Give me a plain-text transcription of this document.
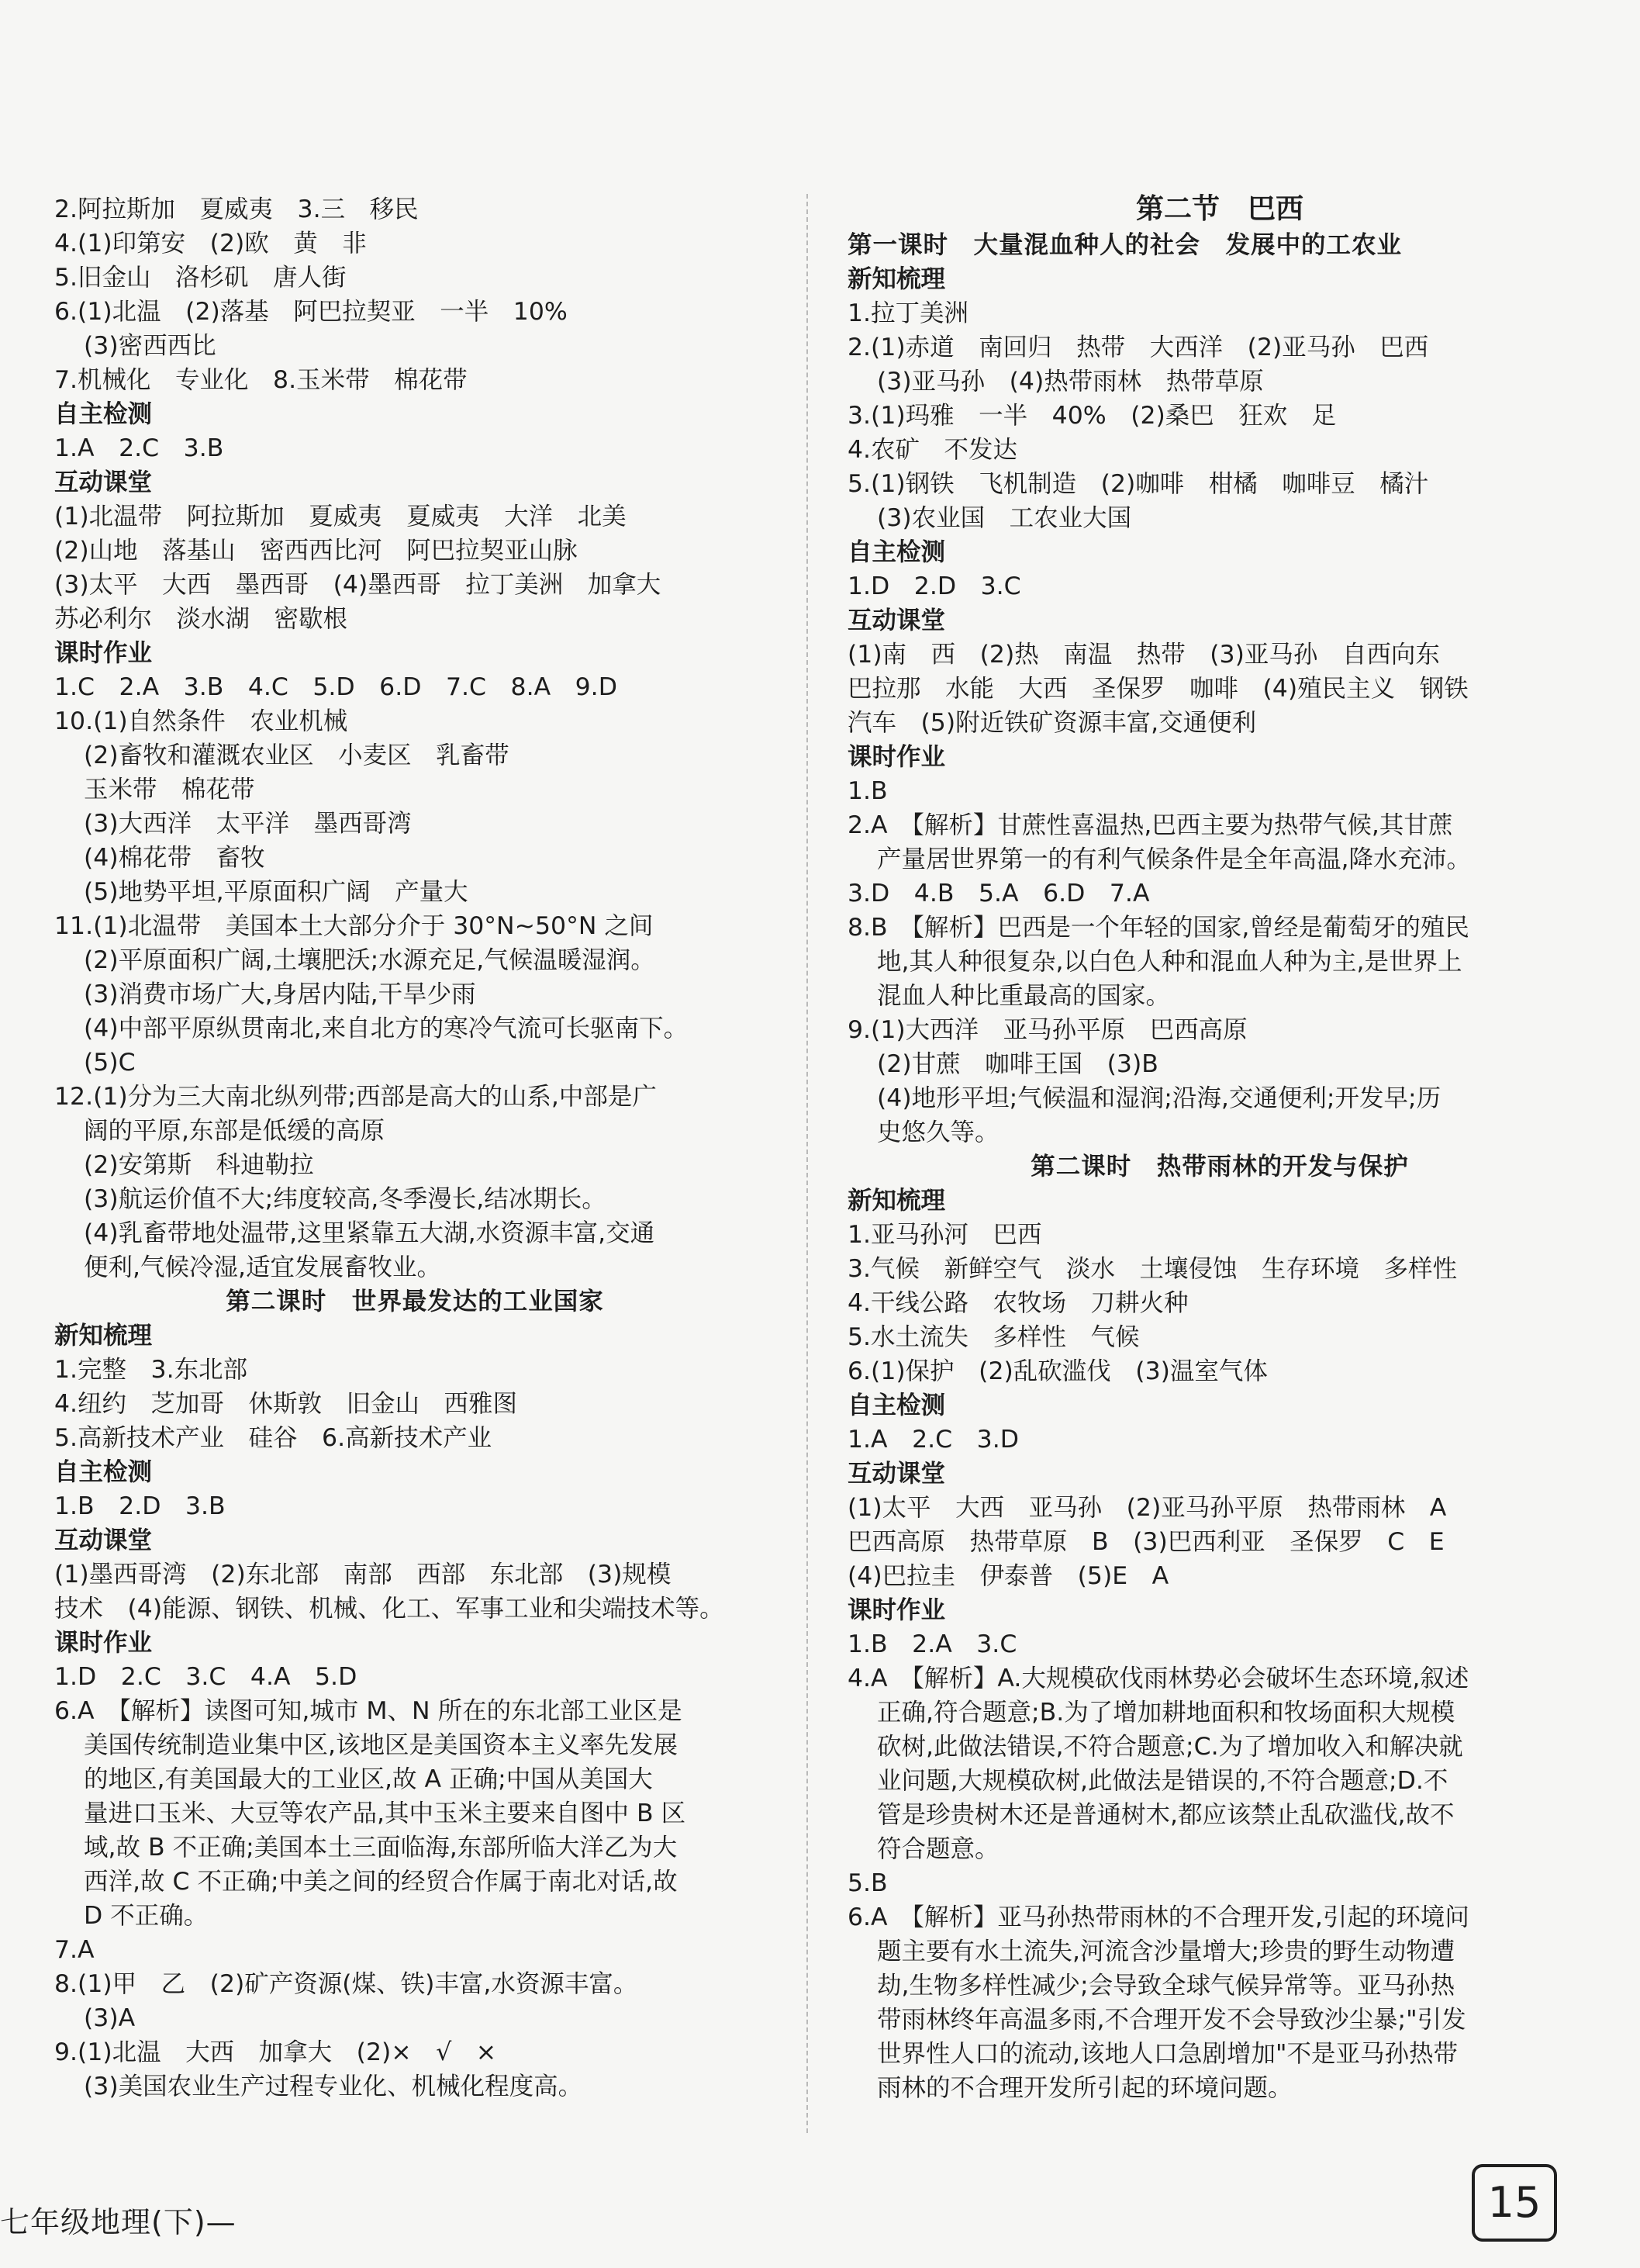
2.阿拉斯加　夏威夷　3.三　移民
4.(1)印第安　(2)欧　黄　非
5.旧金山　洛杉矶　唐人街
6.(1)北温　(2)落基　阿巴拉契亚　一半　10%
(3)密西西比
7.机械化　专业化　8.玉米带　棉花带
自主检测
1.A　2.C　3.B
互动课堂
(1)北温带　阿拉斯加　夏威夷　夏威夷　大洋　北美
(2)山地　落基山　密西西比河　阿巴拉契亚山脉
(3)太平　大西　墨西哥　(4)墨西哥　拉丁美洲　加拿大
苏必利尔　淡水湖　密歇根
课时作业
1.C　2.A　3.B　4.C　5.D　6.D　7.C　8.A　9.D
10.(1)自然条件　农业机械
(2)畜牧和灌溉农业区　小麦区　乳畜带
玉米带　棉花带
(3)大西洋　太平洋　墨西哥湾
(4)棉花带　畜牧
(5)地势平坦,平原面积广阔　产量大
11.(1)北温带　美国本土大部分介于 30°N~50°N 之间
(2)平原面积广阔,土壤肥沃;水源充足,气候温暖湿润。
(3)消费市场广大,身居内陆,干旱少雨
(4)中部平原纵贯南北,来自北方的寒冷气流可长驱南下。
(5)C
12.(1)分为三大南北纵列带;西部是高大的山系,中部是广
阔的平原,东部是低缓的高原
(2)安第斯　科迪勒拉
(3)航运价值不大;纬度较高,冬季漫长,结冰期长。
(4)乳畜带地处温带,这里紧靠五大湖,水资源丰富,交通
便利,气候冷湿,适宜发展畜牧业。
第二课时　世界最发达的工业国家
新知梳理
1.完整　3.东北部
4.纽约　芝加哥　休斯敦　旧金山　西雅图
5.高新技术产业　硅谷　6.高新技术产业
自主检测
1.B　2.D　3.B
互动课堂
(1)墨西哥湾　(2)东北部　南部　西部　东北部　(3)规模
技术　(4)能源、钢铁、机械、化工、军事工业和尖端技术等。
课时作业
1.D　2.C　3.C　4.A　5.D
6.A　【解析】读图可知,城市 M、N 所在的东北部工业区是
美国传统制造业集中区,该地区是美国资本主义率先发展
的地区,有美国最大的工业区,故 A 正确;中国从美国大
量进口玉米、大豆等农产品,其中玉米主要来自图中 B 区
域,故 B 不正确;美国本土三面临海,东部所临大洋乙为大
西洋,故 C 不正确;中美之间的经贸合作属于南北对话,故
D 不正确。
7.A
8.(1)甲　乙　(2)矿产资源(煤、铁)丰富,水资源丰富。
(3)A
9.(1)北温　大西　加拿大　(2)×　√　×
(3)美国农业生产过程专业化、机械化程度高。
第二节　巴西
第一课时　大量混血种人的社会　发展中的工农业
新知梳理
1.拉丁美洲
2.(1)赤道　南回归　热带　大西洋　(2)亚马孙　巴西
(3)亚马孙　(4)热带雨林　热带草原
3.(1)玛雅　一半　40%　(2)桑巴　狂欢　足
4.农矿　不发达
5.(1)钢铁　飞机制造　(2)咖啡　柑橘　咖啡豆　橘汁
(3)农业国　工农业大国
自主检测
1.D　2.D　3.C
互动课堂
(1)南　西　(2)热　南温　热带　(3)亚马孙　自西向东
巴拉那　水能　大西　圣保罗　咖啡　(4)殖民主义　钢铁
汽车　(5)附近铁矿资源丰富,交通便利
课时作业
1.B
2.A　【解析】甘蔗性喜温热,巴西主要为热带气候,其甘蔗
产量居世界第一的有利气候条件是全年高温,降水充沛。
3.D　4.B　5.A　6.D　7.A
8.B　【解析】巴西是一个年轻的国家,曾经是葡萄牙的殖民
地,其人种很复杂,以白色人种和混血人种为主,是世界上
混血人种比重最高的国家。
9.(1)大西洋　亚马孙平原　巴西高原
(2)甘蔗　咖啡王国　(3)B
(4)地形平坦;气候温和湿润;沿海,交通便利;开发早;历
史悠久等。
第二课时　热带雨林的开发与保护
新知梳理
1.亚马孙河　巴西
3.气候　新鲜空气　淡水　土壤侵蚀　生存环境　多样性
4.干线公路　农牧场　刀耕火种
5.水土流失　多样性　气候
6.(1)保护　(2)乱砍滥伐　(3)温室气体
自主检测
1.A　2.C　3.D
互动课堂
(1)太平　大西　亚马孙　(2)亚马孙平原　热带雨林　A
巴西高原　热带草原　B　(3)巴西利亚　圣保罗　C　E
(4)巴拉圭　伊泰普　(5)E　A
课时作业
1.B　2.A　3.C
4.A　【解析】A.大规模砍伐雨林势必会破坏生态环境,叙述
正确,符合题意;B.为了增加耕地面积和牧场面积大规模
砍树,此做法错误,不符合题意;C.为了增加收入和解决就
业问题,大规模砍树,此做法是错误的,不符合题意;D.不
管是珍贵树木还是普通树木,都应该禁止乱砍滥伐,故不
符合题意。
5.B
6.A　【解析】亚马孙热带雨林的不合理开发,引起的环境问
题主要有水土流失,河流含沙量增大;珍贵的野生动物遭
劫,生物多样性减少;会导致全球气候异常等。亚马孙热
带雨林终年高温多雨,不合理开发不会导致沙尘暴;"引发
世界性人口的流动,该地人口急剧增加"不是亚马孙热带
雨林的不合理开发所引起的环境问题。
七年级地理(下)—	15
